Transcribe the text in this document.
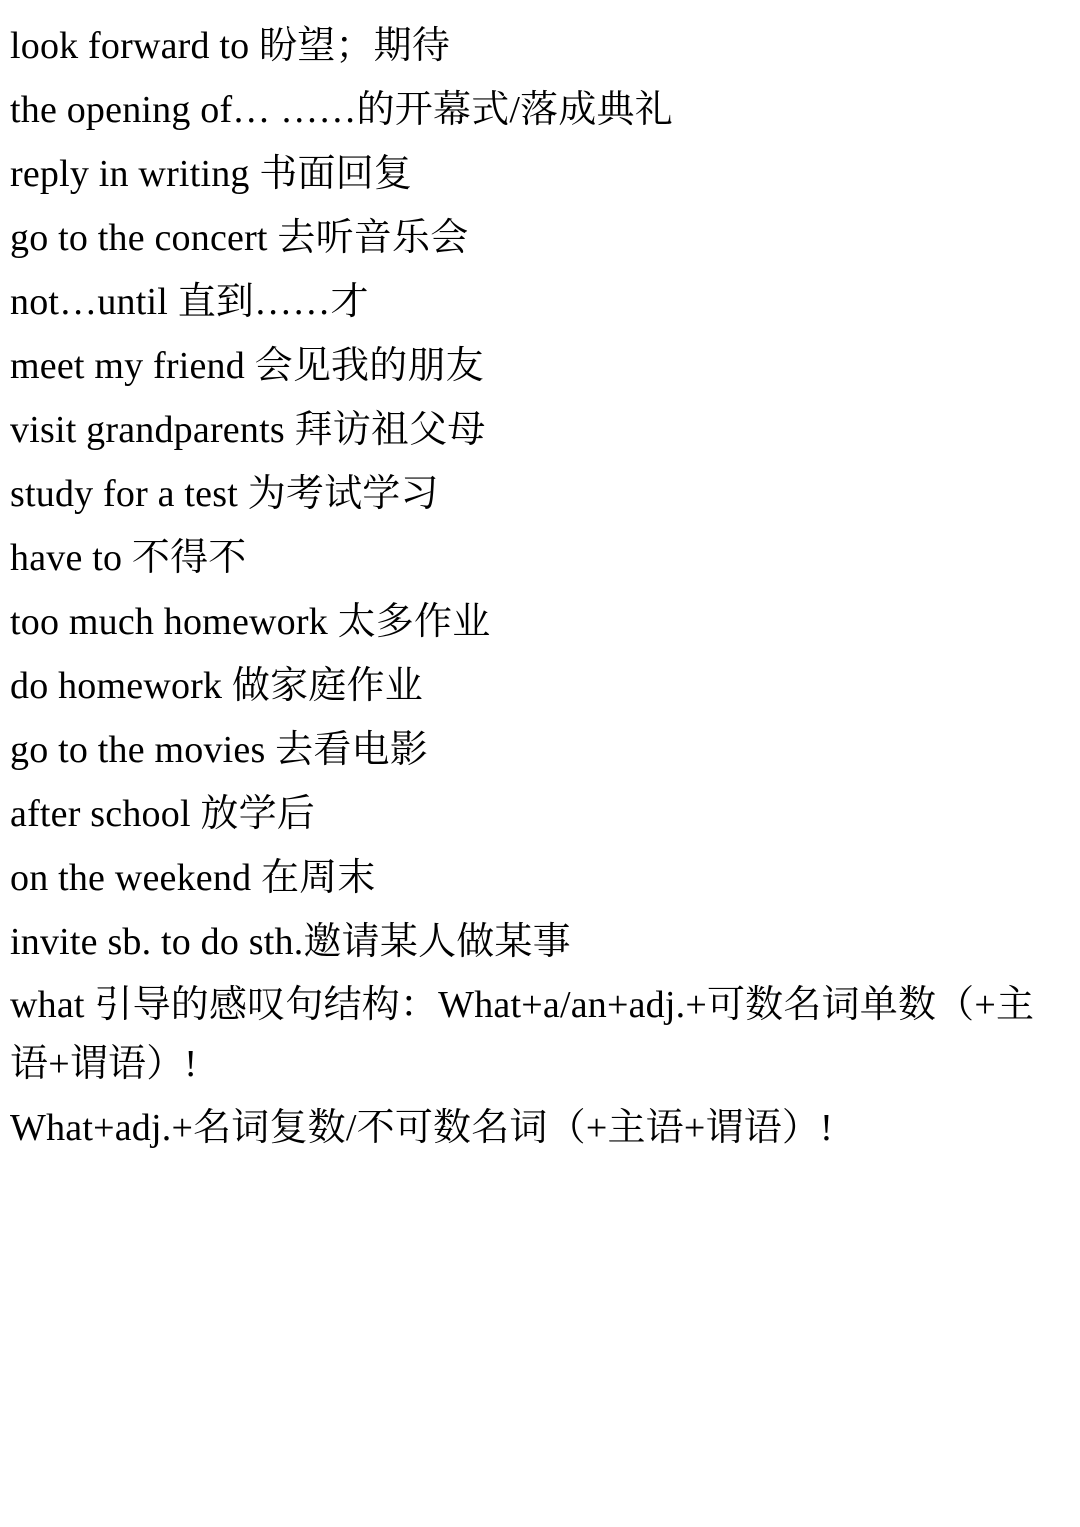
look forward to 盼望；期待

the opening of… ……的开幕式/落成典礼

reply in writing 书面回复

go to the concert 去听音乐会

not…until 直到……才

meet my friend 会见我的朋友

visit grandparents 拜访祖父母

study for a test 为考试学习

have to 不得不

too much homework 太多作业

do homework 做家庭作业

go to the movies 去看电影

after school 放学后

on the weekend 在周末

invite sb. to do sth.邀请某人做某事

what 引导的感叹句结构：What+a/an+adj.+可数名词单数（+主语+谓语）!

What+adj.+名词复数/不可数名词（+主语+谓语）!
